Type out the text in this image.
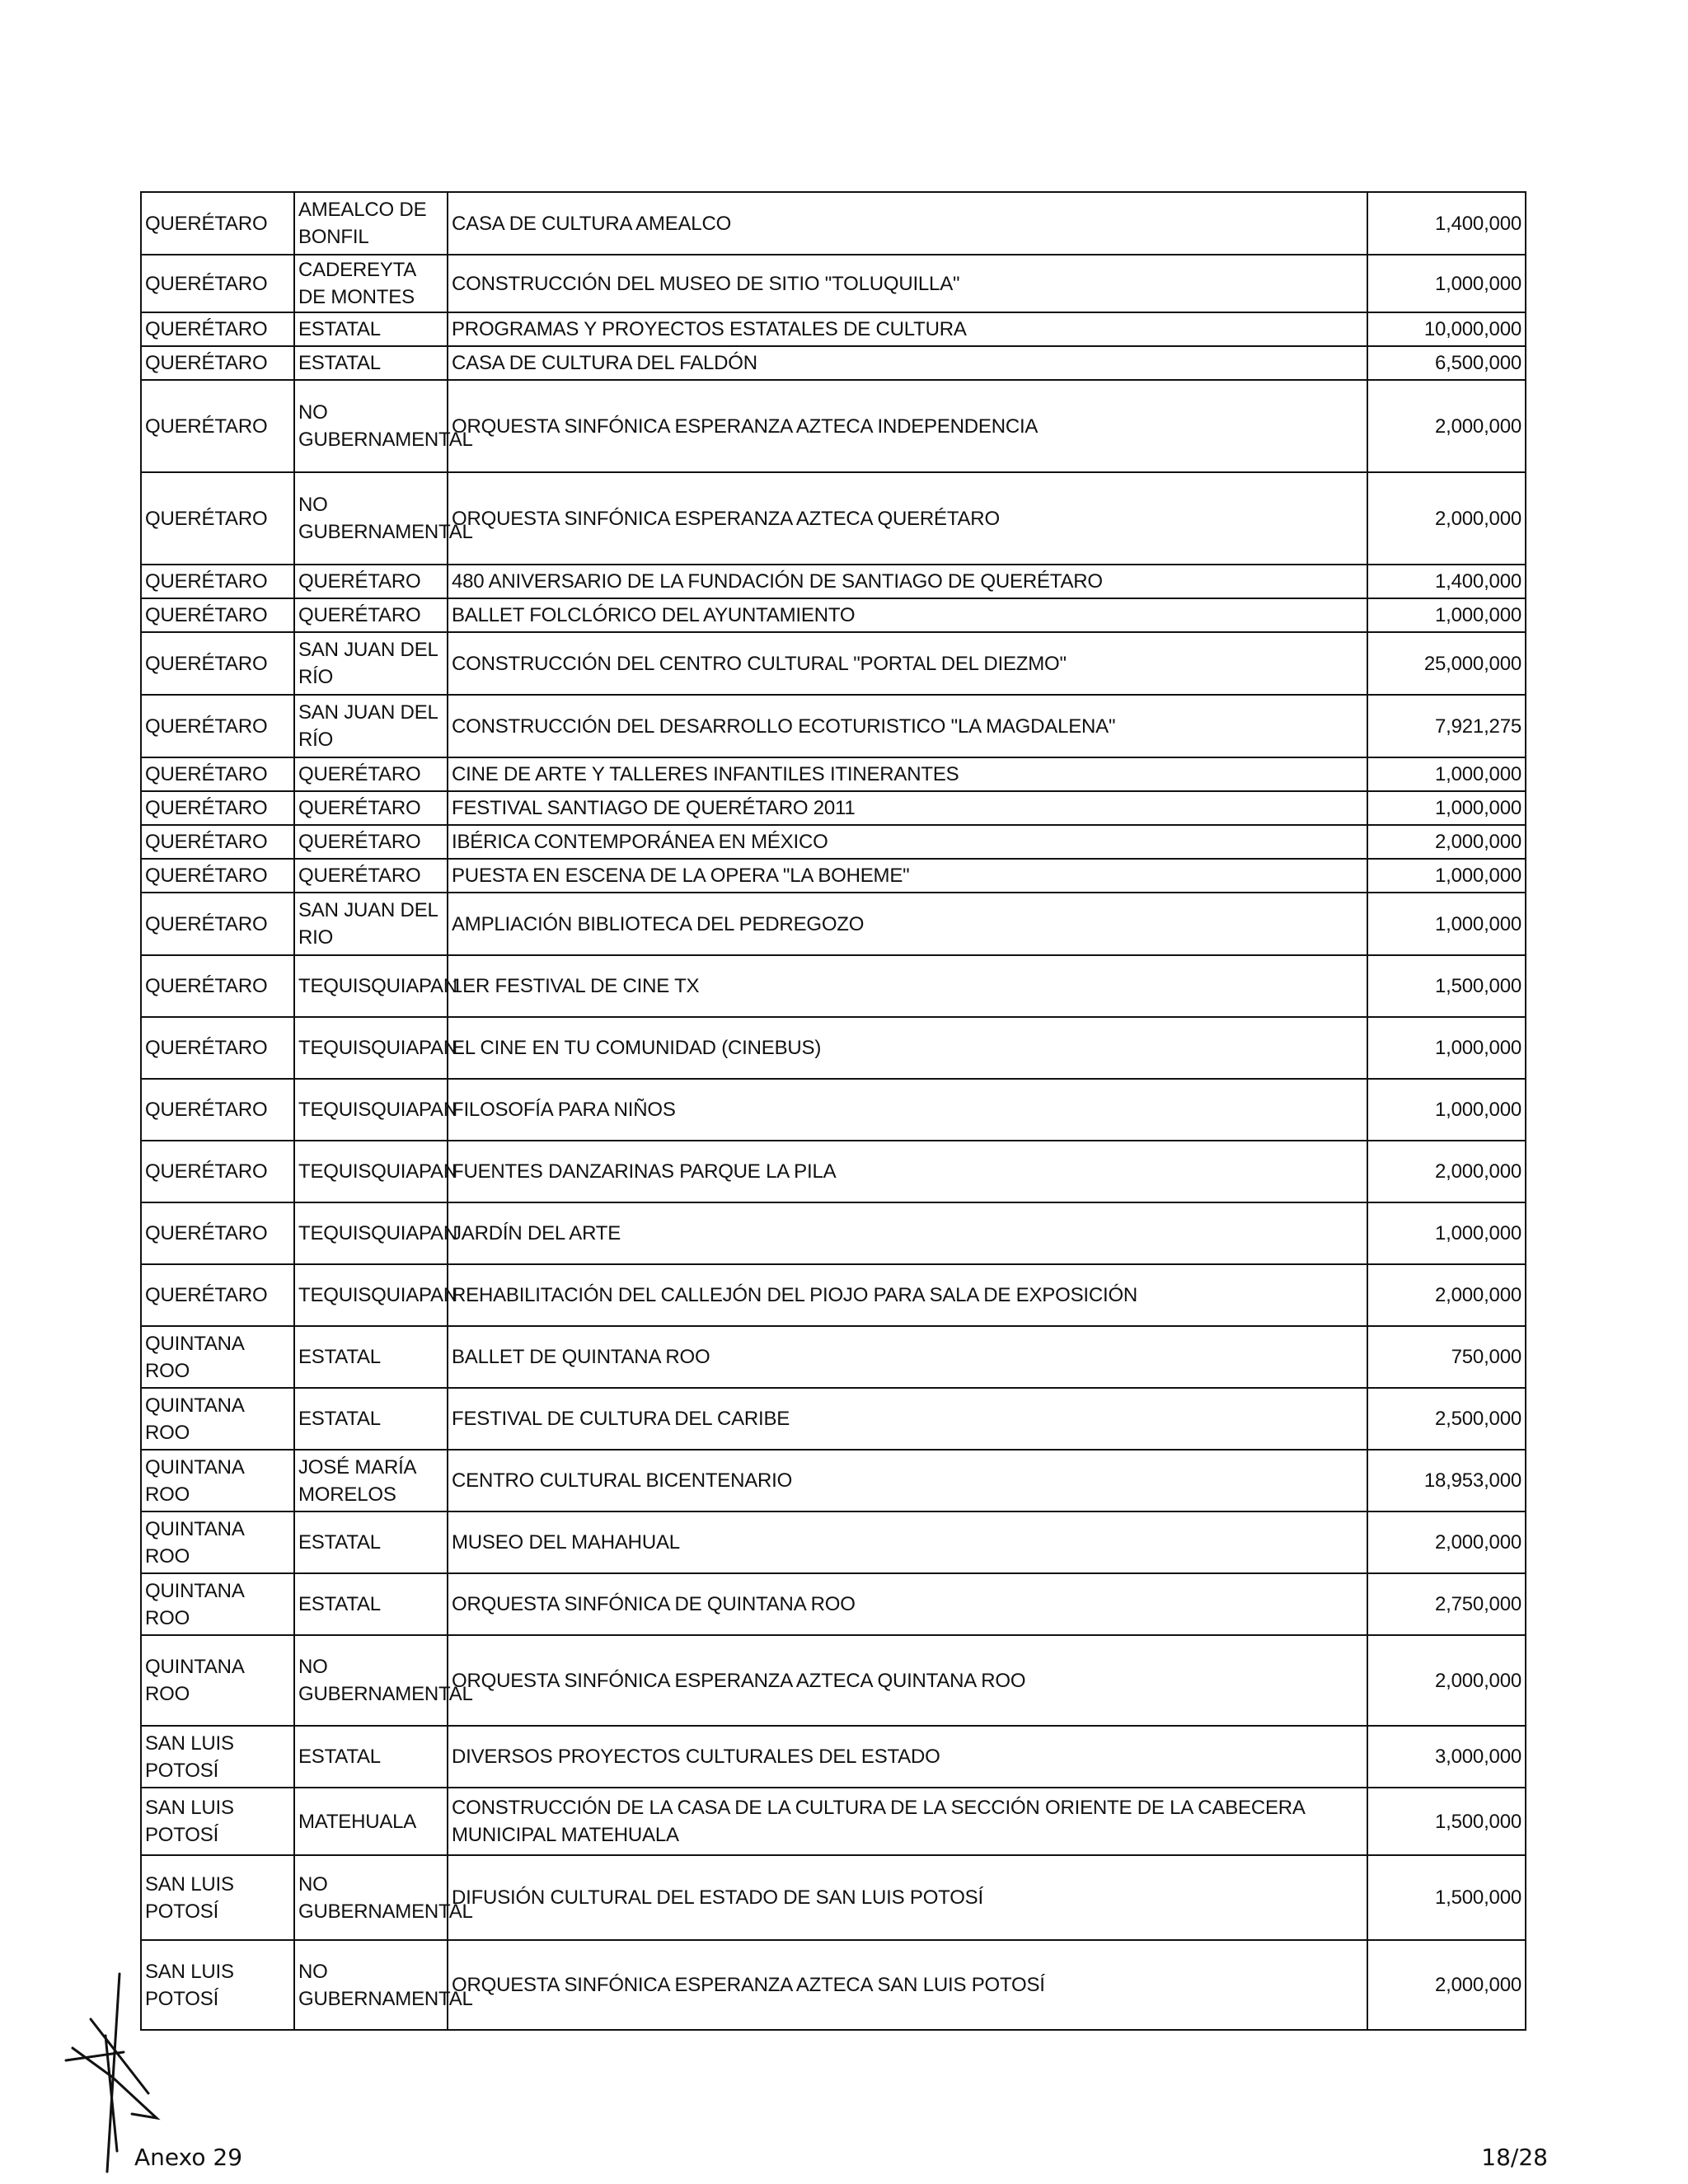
QUERÉTARO	AMEALCO DE BONFIL	CASA DE CULTURA AMEALCO	1,400,000
QUERÉTARO	CADEREYTA DE MONTES	CONSTRUCCIÓN DEL MUSEO DE SITIO "TOLUQUILLA"	1,000,000
QUERÉTARO	ESTATAL	PROGRAMAS Y PROYECTOS ESTATALES DE CULTURA	10,000,000
QUERÉTARO	ESTATAL	CASA DE CULTURA DEL FALDÓN	6,500,000
QUERÉTARO	NO GUBERNAMENTAL	ORQUESTA SINFÓNICA ESPERANZA AZTECA INDEPENDENCIA	2,000,000
QUERÉTARO	NO GUBERNAMENTAL	ORQUESTA SINFÓNICA ESPERANZA AZTECA QUERÉTARO	2,000,000
QUERÉTARO	QUERÉTARO	480 ANIVERSARIO DE LA FUNDACIÓN DE SANTIAGO DE QUERÉTARO	1,400,000
QUERÉTARO	QUERÉTARO	BALLET FOLCLÓRICO DEL AYUNTAMIENTO	1,000,000
QUERÉTARO	SAN JUAN DEL RÍO	CONSTRUCCIÓN DEL CENTRO CULTURAL "PORTAL DEL DIEZMO"	25,000,000
QUERÉTARO	SAN JUAN DEL RÍO	CONSTRUCCIÓN DEL DESARROLLO ECOTURISTICO "LA MAGDALENA"	7,921,275
QUERÉTARO	QUERÉTARO	CINE DE ARTE Y TALLERES INFANTILES ITINERANTES	1,000,000
QUERÉTARO	QUERÉTARO	FESTIVAL SANTIAGO DE QUERÉTARO 2011	1,000,000
QUERÉTARO	QUERÉTARO	IBÉRICA CONTEMPORÁNEA EN MÉXICO	2,000,000
QUERÉTARO	QUERÉTARO	PUESTA EN ESCENA DE LA OPERA "LA BOHEME"	1,000,000
QUERÉTARO	SAN JUAN DEL RIO	AMPLIACIÓN BIBLIOTECA DEL PEDREGOZO	1,000,000
QUERÉTARO	TEQUISQUIAPAN	1ER FESTIVAL DE CINE TX	1,500,000
QUERÉTARO	TEQUISQUIAPAN	EL CINE EN TU COMUNIDAD (CINEBUS)	1,000,000
QUERÉTARO	TEQUISQUIAPAN	FILOSOFÍA PARA NIÑOS	1,000,000
QUERÉTARO	TEQUISQUIAPAN	FUENTES DANZARINAS PARQUE LA PILA	2,000,000
QUERÉTARO	TEQUISQUIAPAN	JARDÍN DEL ARTE	1,000,000
QUERÉTARO	TEQUISQUIAPAN	REHABILITACIÓN DEL CALLEJÓN DEL PIOJO PARA SALA DE EXPOSICIÓN	2,000,000
QUINTANA ROO	ESTATAL	BALLET DE QUINTANA ROO	750,000
QUINTANA ROO	ESTATAL	FESTIVAL DE CULTURA DEL CARIBE	2,500,000
QUINTANA ROO	JOSÉ MARÍA MORELOS	CENTRO CULTURAL BICENTENARIO	18,953,000
QUINTANA ROO	ESTATAL	MUSEO DEL MAHAHUAL	2,000,000
QUINTANA ROO	ESTATAL	ORQUESTA SINFÓNICA DE QUINTANA ROO	2,750,000
QUINTANA ROO	NO GUBERNAMENTAL	ORQUESTA SINFÓNICA ESPERANZA AZTECA QUINTANA ROO	2,000,000
SAN LUIS POTOSÍ	ESTATAL	DIVERSOS PROYECTOS CULTURALES DEL ESTADO	3,000,000
SAN LUIS POTOSÍ	MATEHUALA	CONSTRUCCIÓN DE LA CASA DE LA CULTURA DE LA SECCIÓN ORIENTE DE LA CABECERA MUNICIPAL MATEHUALA	1,500,000
SAN LUIS POTOSÍ	NO GUBERNAMENTAL	DIFUSIÓN CULTURAL DEL ESTADO DE SAN LUIS POTOSÍ	1,500,000
SAN LUIS POTOSÍ	NO GUBERNAMENTAL	ORQUESTA SINFÓNICA ESPERANZA AZTECA SAN LUIS POTOSÍ	2,000,000
Anexo 29	18/28
